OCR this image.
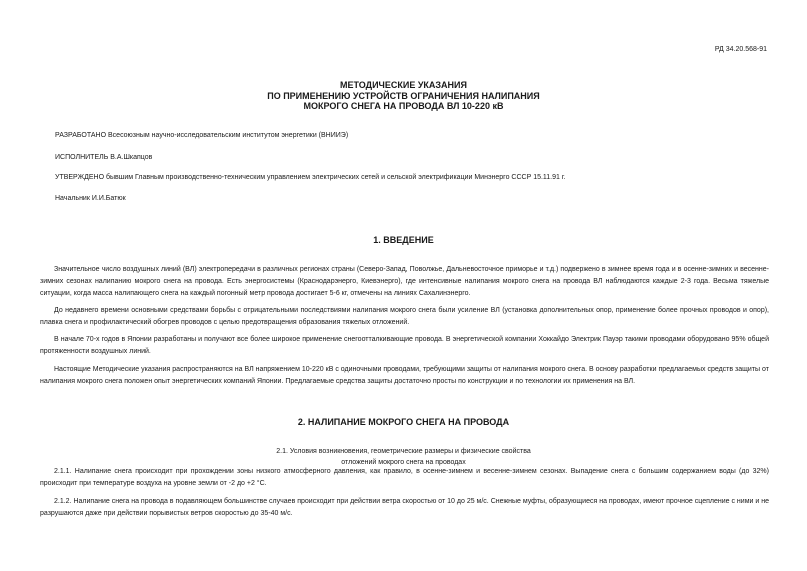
РД 34.20.568-91
МЕТОДИЧЕСКИЕ УКАЗАНИЯ
ПО ПРИМЕНЕНИЮ УСТРОЙСТВ ОГРАНИЧЕНИЯ НАЛИПАНИЯ
МОКРОГО СНЕГА НА ПРОВОДА ВЛ 10-220 кВ
РАЗРАБОТАНО Всесоюзным научно-исследовательским институтом энергетики (ВНИИЭ)
ИСПОЛНИТЕЛЬ В.А.Шкапцов
УТВЕРЖДЕНО бывшим Главным производственно-техническим управлением электрических сетей и сельской электрификации Минэнерго СССР 15.11.91 г.
Начальник И.И.Батюк
1. ВВЕДЕНИЕ

Значительное число воздушных линий (ВЛ) электропередачи в различных регионах страны (Северо-Запад, Поволжье, Дальневосточное приморье и т.д.) подвержено в зимнее время года и в осенне-зимних и весенне-зимних сезонах налипанию мокрого снега на провода. Есть энергосистемы (Краснодарэнерго, Киевэнерго), где интенсивные налипания мокрого снега на провода ВЛ наблюдаются каждые 2-3 года. Весьма тяжелые ситуации, когда масса налипающего снега на каждый погонный метр провода достигает 5-6 кг, отмечены на линиях Сахалинэнерго.

До недавнего времени основными средствами борьбы с отрицательными последствиями налипания мокрого снега были усиление ВЛ (установка дополнительных опор, применение более прочных проводов и опор), плавка снега и профилактический обогрев проводов с целью предотвращения образования тяжелых отложений.

В начале 70-х годов в Японии разработаны и получают все более широкое применение снегоотталкивающие провода. В энергетической компании Хоккайдо Электрик Пауэр такими проводами оборудовано 95% общей протяженности воздушных линий.

Настоящие Методические указания распространяются на ВЛ напряжением 10-220 кВ с одиночными проводами, требующими защиты от налипания мокрого снега. В основу разработки предлагаемых средств защиты от налипания мокрого снега положен опыт энергетических компаний Японии. Предлагаемые средства защиты достаточно просты по конструкции и по технологии их применения на ВЛ.

2. НАЛИПАНИЕ МОКРОГО СНЕГА НА ПРОВОДА
2.1. Условия возникновения, геометрические размеры и физические свойства
отложений мокрого снега на проводах

2.1.1. Налипание снега происходит при прохождении зоны низкого атмосферного давления, как правило, в осенне-зимнем и весенне-зимнем сезонах. Выпадение снега с большим содержанием воды (до 32%) происходит при температуре воздуха на уровне земли от -2 до +2 °С.

2.1.2. Налипание снега на провода в подавляющем большинстве случаев происходит при действии ветра скоростью от 10 до 25 м/с. Снежные муфты, образующиеся на проводах, имеют прочное сцепление с ними и не разрушаются даже при действии порывистых ветров скоростью до 35-40 м/с.
